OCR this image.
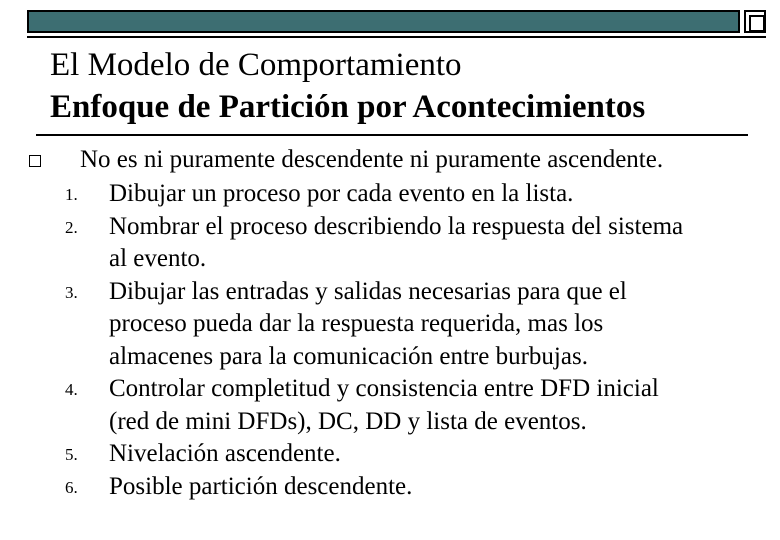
El Modelo de Comportamiento
Enfoque de Partición por Acontecimientos
No es ni puramente descendente ni puramente ascendente.
1.	Dibujar un proceso por cada evento en la lista.
2.	Nombrar el proceso describiendo la respuesta del sistema
al evento.
3.	Dibujar las entradas y salidas necesarias para que el
proceso pueda dar la respuesta requerida, mas los
almacenes para la comunicación entre burbujas.
4.	Controlar completitud y consistencia entre DFD inicial
(red de mini DFDs), DC, DD y lista de eventos.
5.	Nivelación ascendente.
6.	Posible partición descendente.
